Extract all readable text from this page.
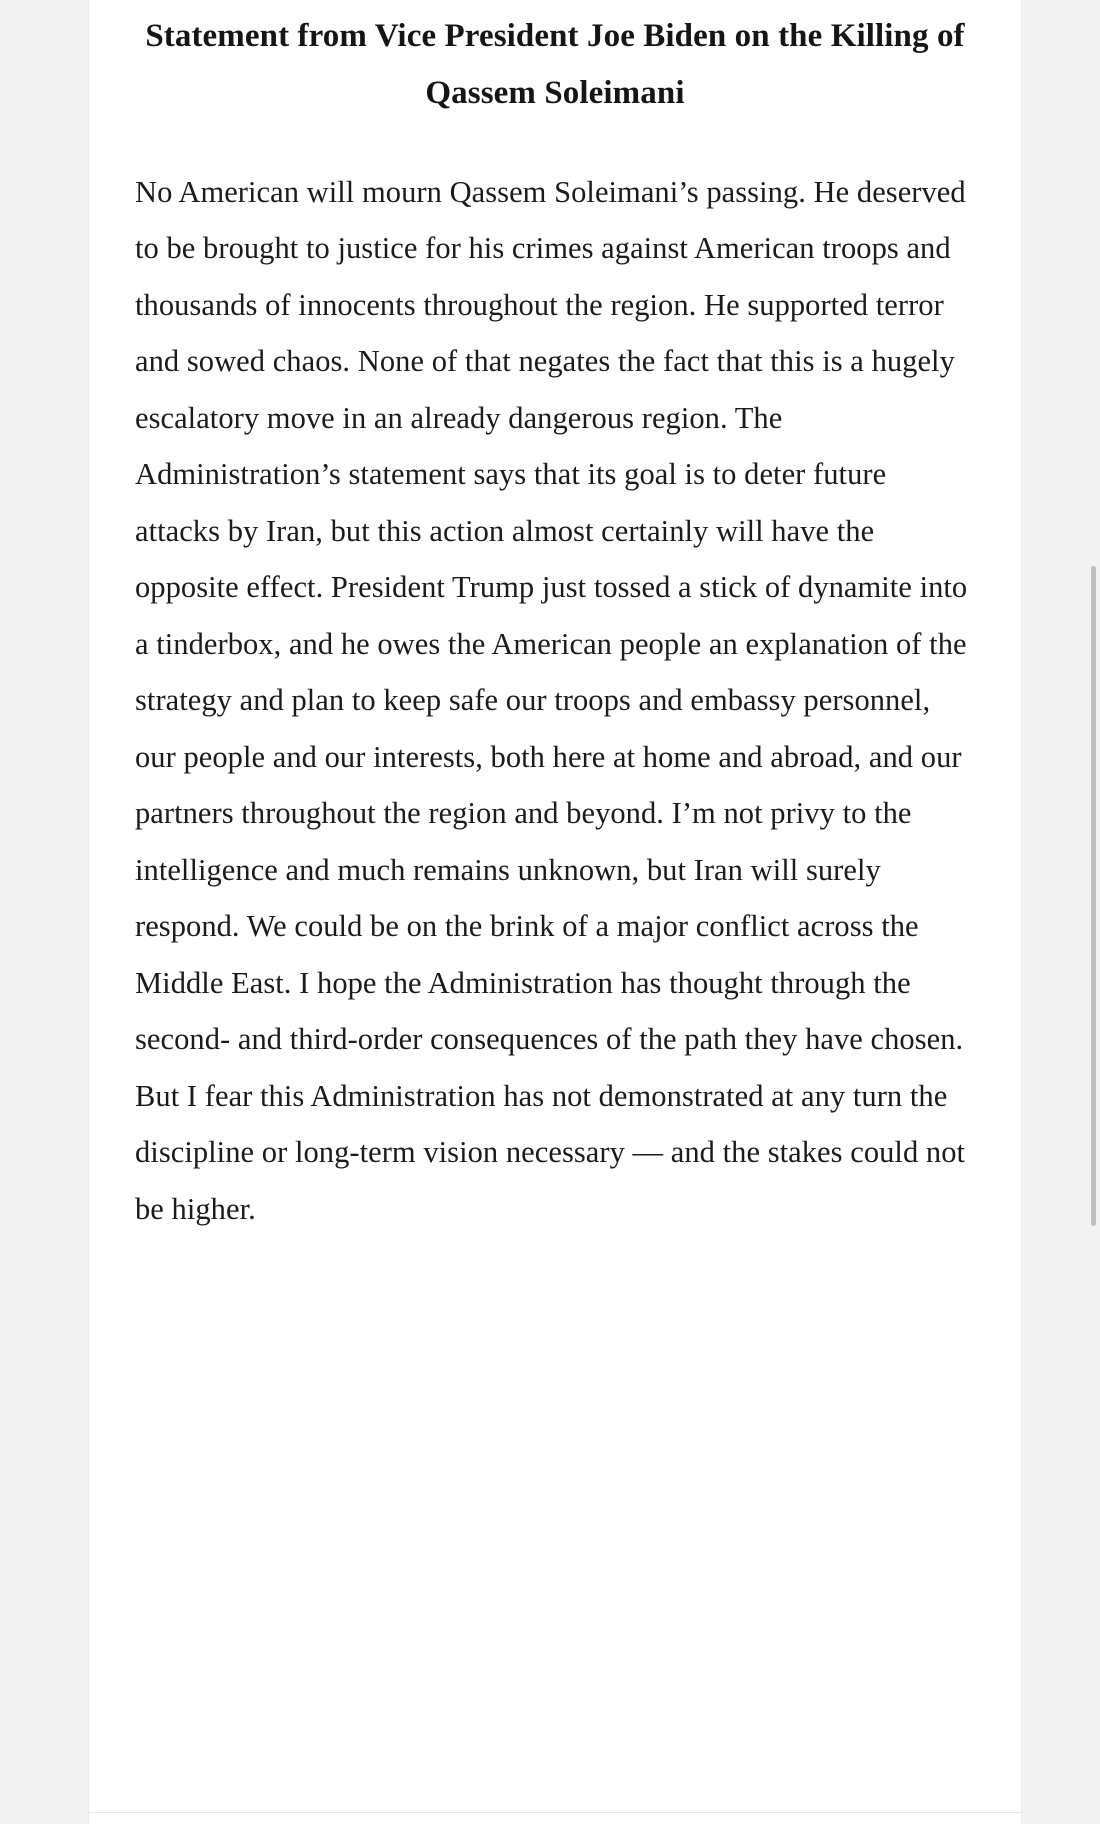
Statement from Vice President Joe Biden on the Killing of Qassem Soleimani

No American will mourn Qassem Soleimani’s passing. He deserved to be brought to justice for his crimes against American troops and thousands of innocents throughout the region. He supported terror and sowed chaos. None of that negates the fact that this is a hugely escalatory move in an already dangerous region. The Administration’s statement says that its goal is to deter future attacks by Iran, but this action almost certainly will have the opposite effect. President Trump just tossed a stick of dynamite into a tinderbox, and he owes the American people an explanation of the strategy and plan to keep safe our troops and embassy personnel, our people and our interests, both here at home and abroad, and our partners throughout the region and beyond. I’m not privy to the intelligence and much remains unknown, but Iran will surely respond. We could be on the brink of a major conflict across the Middle East. I hope the Administration has thought through the second- and third-order consequences of the path they have chosen. But I fear this Administration has not demonstrated at any turn the discipline or long-term vision necessary — and the stakes could not be higher.
